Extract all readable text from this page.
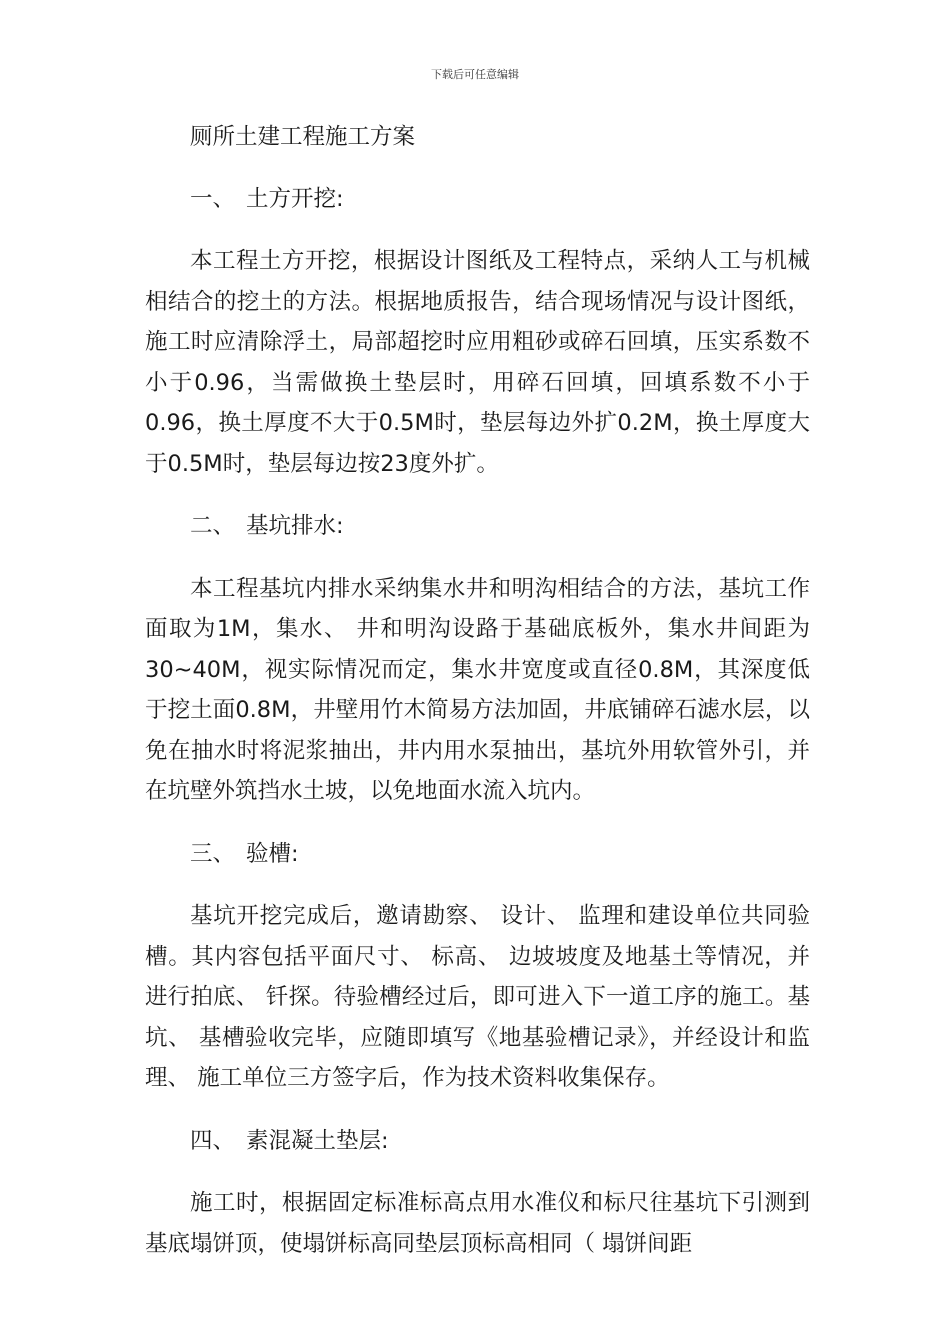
下载后可任意编辑
厕所土建工程施工方案
一、 土方开挖:
本工程土方开挖，根据设计图纸及工程特点，采纳人工与机械相结合的挖土的方法。根据地质报告，结合现场情况与设计图纸，施工时应清除浮土，局部超挖时应用粗砂或碎石回填，压实系数不小于0.96，当需做换土垫层时，用碎石回填，回填系数不小于0.96，换土厚度不大于0.5M时，垫层每边外扩0.2M，换土厚度大于0.5M时，垫层每边按23度外扩。
二、 基坑排水:
本工程基坑内排水采纳集水井和明沟相结合的方法，基坑工作面取为1M，集水、 井和明沟设路于基础底板外，集水井间距为30~40M，视实际情况而定，集水井宽度或直径0.8M，其深度低于挖土面0.8M，井壁用竹木简易方法加固，井底铺碎石滤水层，以免在抽水时将泥浆抽出，井内用水泵抽出，基坑外用软管外引，并在坑壁外筑挡水土坡，以免地面水流入坑内。
三、 验槽:
基坑开挖完成后，邀请勘察、 设计、 监理和建设单位共同验槽。其内容包括平面尺寸、 标高、 边坡坡度及地基土等情况，并进行拍底、 钎探。待验槽经过后，即可进入下一道工序的施工。基坑、 基槽验收完毕，应随即填写《地基验槽记录》，并经设计和监理、 施工单位三方签字后，作为技术资料收集保存。
四、 素混凝土垫层:
施工时，根据固定标准标高点用水准仪和标尺往基坑下引测到基底塌饼顶，使塌饼标高同垫层顶标高相同（ 塌饼间距
